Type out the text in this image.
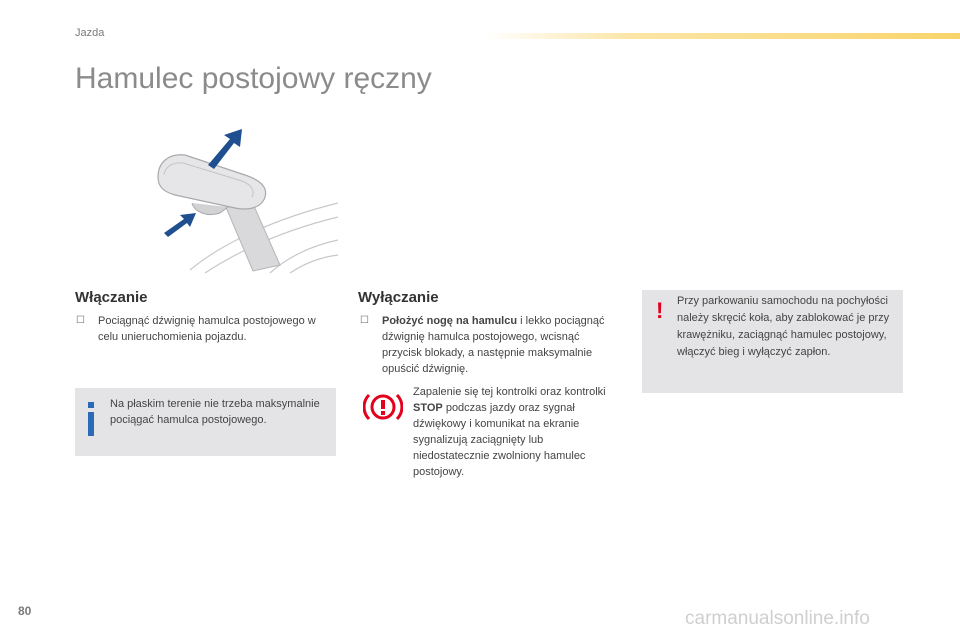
Jazda
Hamulec postojowy ręczny
Włączanie
☐ Pociągnąć dźwignię hamulca postojowego w celu unieruchomienia pojazdu.
Na płaskim terenie nie trzeba maksymalnie pociągać hamulca postojowego.
Wyłączanie
☐ Położyć nogę na hamulcu i lekko pociągnąć dźwignię hamulca postojowego, wcisnąć przycisk blokady, a następnie maksymalnie opuścić dźwignię.
Zapalenie się tej kontrolki oraz kontrolki STOP podczas jazdy oraz sygnał dźwiękowy i komunikat na ekranie sygnalizują zaciągnięty lub niedostatecznie zwolniony hamulec postojowy.
! Przy parkowaniu samochodu na pochyłości należy skręcić koła, aby zablokować je przy krawężniku, zaciągnąć hamulec postojowy, włączyć bieg i wyłączyć zapłon.
80	carmanualsonline.info
